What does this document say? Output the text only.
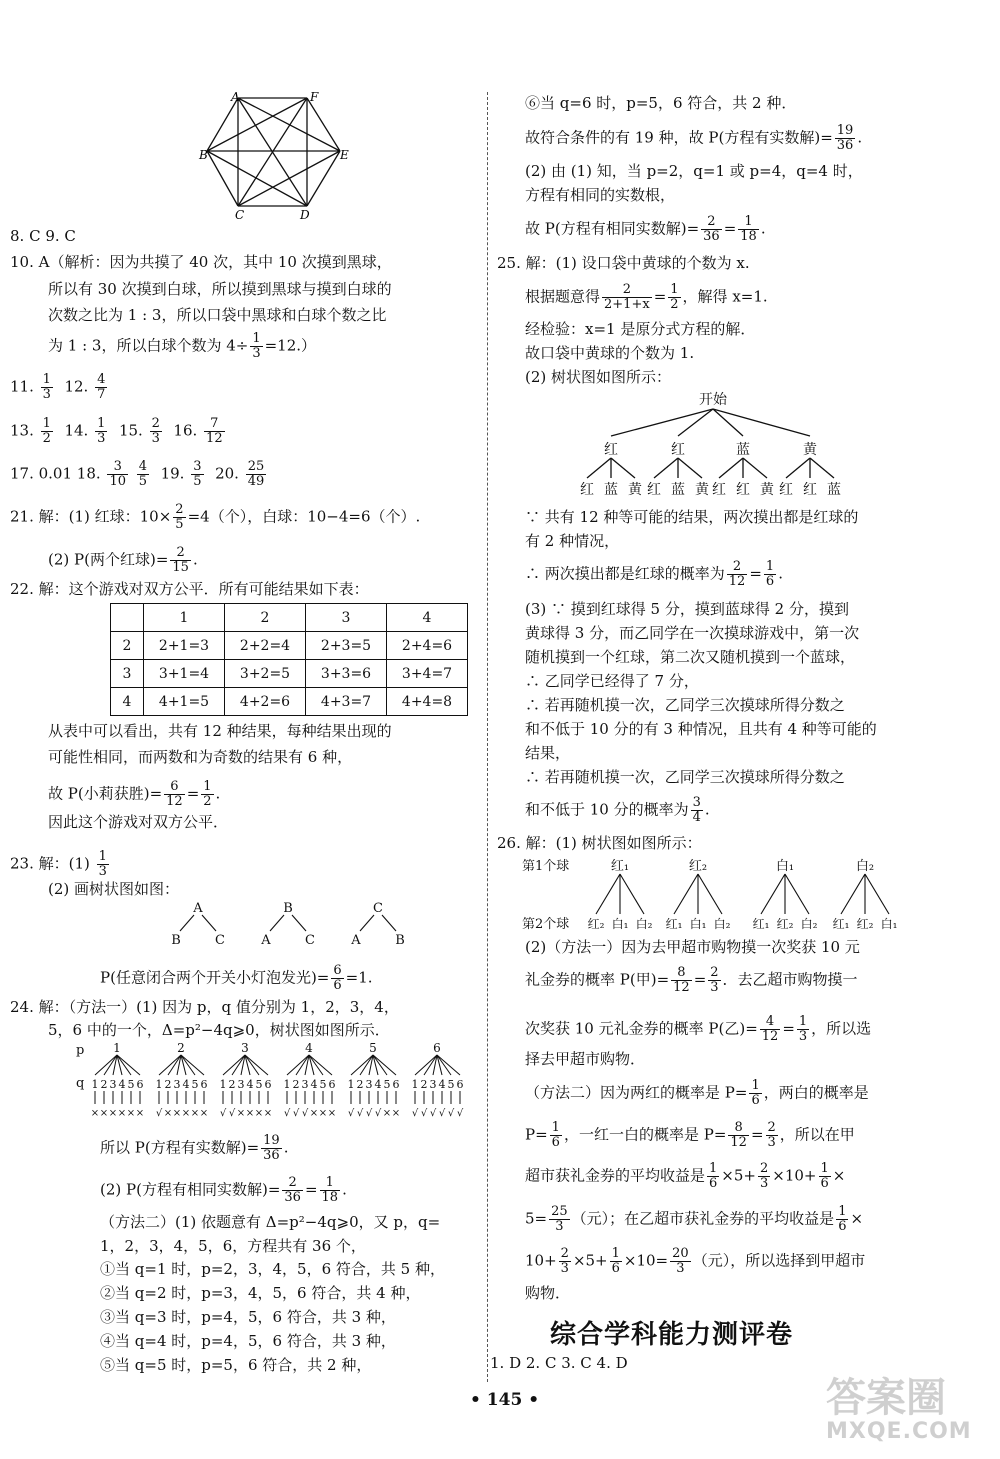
A	F
E
D
C
B
8. C 9. C
10. A（解析：因为共摸了 40 次，其中 10 次摸到黑球，
所以有 30 次摸到白球，所以摸到黑球与摸到白球的
次数之比为 1 : 3，所以口袋中黑球和白球个数之比
为 1 : 3，所以白球个数为 $4\div \frac{1}{3} =12$.）
11. $\frac{1}{3} 12$. $\frac{4}{7}$
13. $\frac{1}{2} 14$. $\frac{1}{3} 15$. $\frac{2}{3} 16$. $\frac{7}{12}$
17. 0.01 18. $\frac{3}{10}$
$\frac{4}{5} 19$. $\frac{3}{5} 20$. $\frac{25}{49}$
21. 解：(1) 红球：$10\times \frac{2}{5} =4$（个），白球：10−4=6（个）.
(2) P(两个红球)= $\frac{2}{15}$ .
22. 解：这个游戏对双方公平．所有可能结果如下表：
	1	2	3	4
2	2+1=3	2+2=4	2+3=5	2+4=6
3	3+1=4	3+2=5	3+3=6	3+4=7
4	4+1=5	4+2=6	4+3=7	4+4=8
从表中可以看出，共有 12 种结果，每种结果出现的
可能性相同，而两数和为奇数的结果有 6 种，
故 P(小莉获胜)= $\frac{6}{12} = \frac{1}{2}$ .
因此这个游戏对双方公平．
23. 解：$(1) \frac{1}{3}$
(2) 画树状图如图：
A
B	C
B
A	C
C
A	B
P(任意闭合两个开关小灯泡发光)= $\frac{6}{6} =1$.
24. 解：（方法一）(1) 因为 p，q 值分别为 1，2，3，4，
5，6 中的一个，Δ=p²−4q⩾0，树状图如图所示．
p
q
1
1
×
2
×
3
×
4
×
5
×
6
×
2
1
√
2
×
3
×
4
×
5
×
6
×
3
1
√
2
√
3
×
4
×
5
×
6
×
4
1
√
2
√
3
√
4
×
5
×
6
×
5
1
√
2
√
3
√
4
√
5
×
6
×
6
1
√
2
√
3
√
4
√
5
√
6
√
所以 P(方程有实数解)= $\frac{19}{36}$ .
(2) P(方程有相同实数解)= $\frac{2}{36} = \frac{1}{18}$ .
（方法二）(1) 依题意有 Δ=p²−4q⩾0，又 p，q=
1，2，3，4，5，6，方程共有 36 个，
①当 q=1 时，p=2，3，4，5，6 符合，共 5 种，
②当 q=2 时，p=3，4，5，6 符合，共 4 种，
③当 q=3 时，p=4，5，6 符合，共 3 种，
④当 q=4 时，p=4，5，6 符合，共 3 种，
⑤当 q=5 时，p=5，6 符合，共 2 种，
⑥当 q=6 时，p=5，6 符合，共 2 种．
故符合条件的有 19 种，故 P(方程有实数解)= $\frac{19}{36}$ .
(2) 由 (1) 知，当 p=2，q=1 或 p=4，q=4 时，
方程有相同的实数根，
故 P(方程有相同实数解)= $\frac{2}{36} = \frac{1}{18}$ .
25. 解：(1) 设口袋中黄球的个数为 x.
根据题意得 $\frac{2}{2+1+x} = \frac{1}{2}$ ，解得 x=1.
经检验：x=1 是原分式方程的解．
故口袋中黄球的个数为 1.
(2) 树状图如图所示：
开始
红
红 蓝 黄
红
红 蓝 黄
蓝
红 红 黄
黄
红 红 蓝
∵ 共有 12 种等可能的结果，两次摸出都是红球的
有 2 种情况，
∴ 两次摸出都是红球的概率为 $\frac{2}{12} = \frac{1}{6}$ .
(3) ∵ 摸到红球得 5 分，摸到蓝球得 2 分，摸到
黄球得 3 分，而乙同学在一次摸球游戏中，第一次
随机摸到一个红球，第二次又随机摸到一个蓝球，
∴ 乙同学已经得了 7 分，
∴ 若再随机摸一次，乙同学三次摸球所得分数之
和不低于 10 分的有 3 种情况，且共有 4 种等可能的
结果，
∴ 若再随机摸一次，乙同学三次摸球所得分数之
和不低于 10 分的概率为 $\frac{3}{4}$ .
26. 解：(1) 树状图如图所示：
第1个球
第2个球
红₁
红₂ 白₁ 白₂
红₂
红₁ 白₁ 白₂
白₁
红₁ 红₂ 白₂
白₂
红₁ 红₂ 白₁
(2)（方法一）因为去甲超市购物摸一次奖获 10 元
礼金券的概率 P(甲)= $\frac{8}{12} = \frac{2}{3}$ ．去乙超市购物摸一
次奖获 10 元礼金券的概率 P(乙)= $\frac{4}{12} = \frac{1}{3}$ ，所以选
择去甲超市购物．
（方法二）因为两红的概率是 $P= \frac{1}{6}$ ，两白的概率是
$P= \frac{1}{6}$ ，一红一白的概率是 $P= \frac{8}{12} = \frac{2}{3}$ ，所以在甲
超市获礼金券的平均收益是 $\frac{1}{6} \times 5+ \frac{2}{3} \times 10+ \frac{1}{6}$ ×
$5= \frac{25}{3}$ （元）；在乙超市获礼金券的平均收益是 $\frac{1}{6}$ ×
$10+ \frac{2}{3} \times 5+ \frac{1}{6} \times 10= \frac{20}{3}$ （元），所以选择到甲超市
购物．
综合学科能力测评卷
1. D 2. C 3. C 4. D
• 145 •	答案圈
MXQE.COM
